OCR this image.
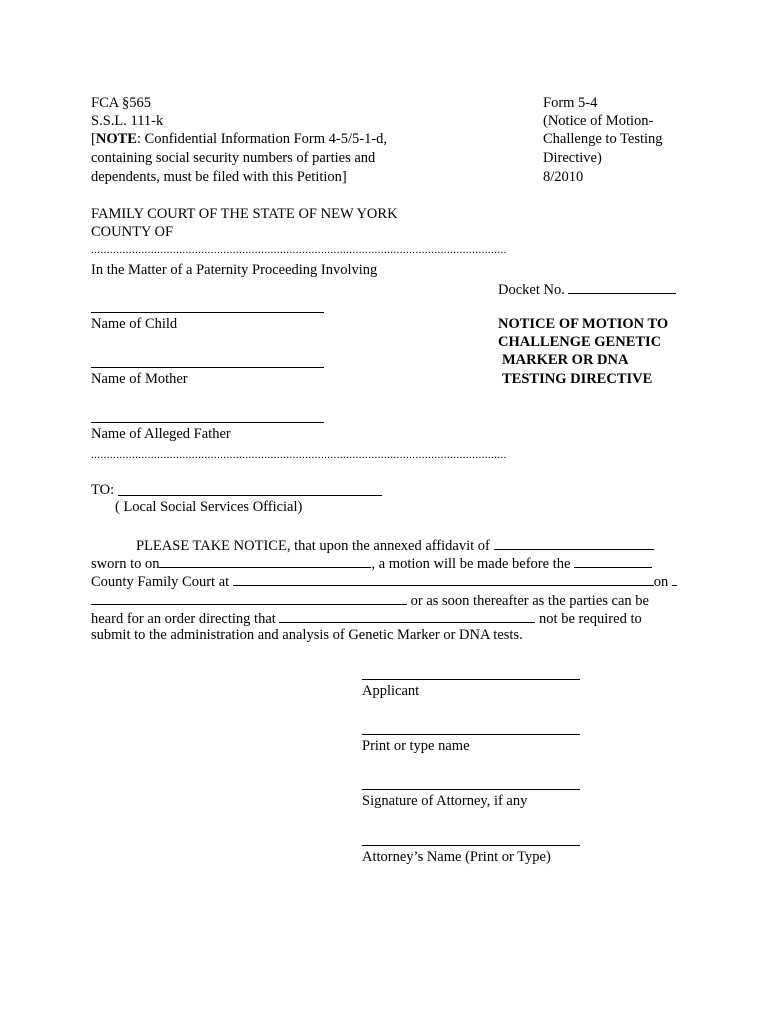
FCA §565
S.S.L. 111-k
[NOTE: Confidential Information Form 4-5/5-1-d,
containing social security numbers of parties and
dependents, must be filed with this Petition]
Form 5-4
(Notice of Motion-
Challenge to Testing
Directive)
8/2010
FAMILY COURT OF THE STATE OF NEW YORK
COUNTY OF
....................................................................................................................................
In the Matter of a Paternity Proceeding Involving
Docket No.
Name of Child
Name of Mother
Name of Alleged Father
....................................................................................................................................
NOTICE OF MOTION TO
CHALLENGE GENETIC
MARKER OR DNA
TESTING DIRECTIVE
TO:
( Local Social Services Official)
PLEASE TAKE NOTICE, that upon the annexed affidavit of
sworn to on	, a motion will be made before the
County Family Court at	on
or as soon thereafter as the parties can be
heard for an order directing that	not be required to
submit to the administration and analysis of Genetic Marker or DNA tests.
Applicant
Print or type name
Signature of Attorney, if any
Attorney’s Name (Print or Type)
